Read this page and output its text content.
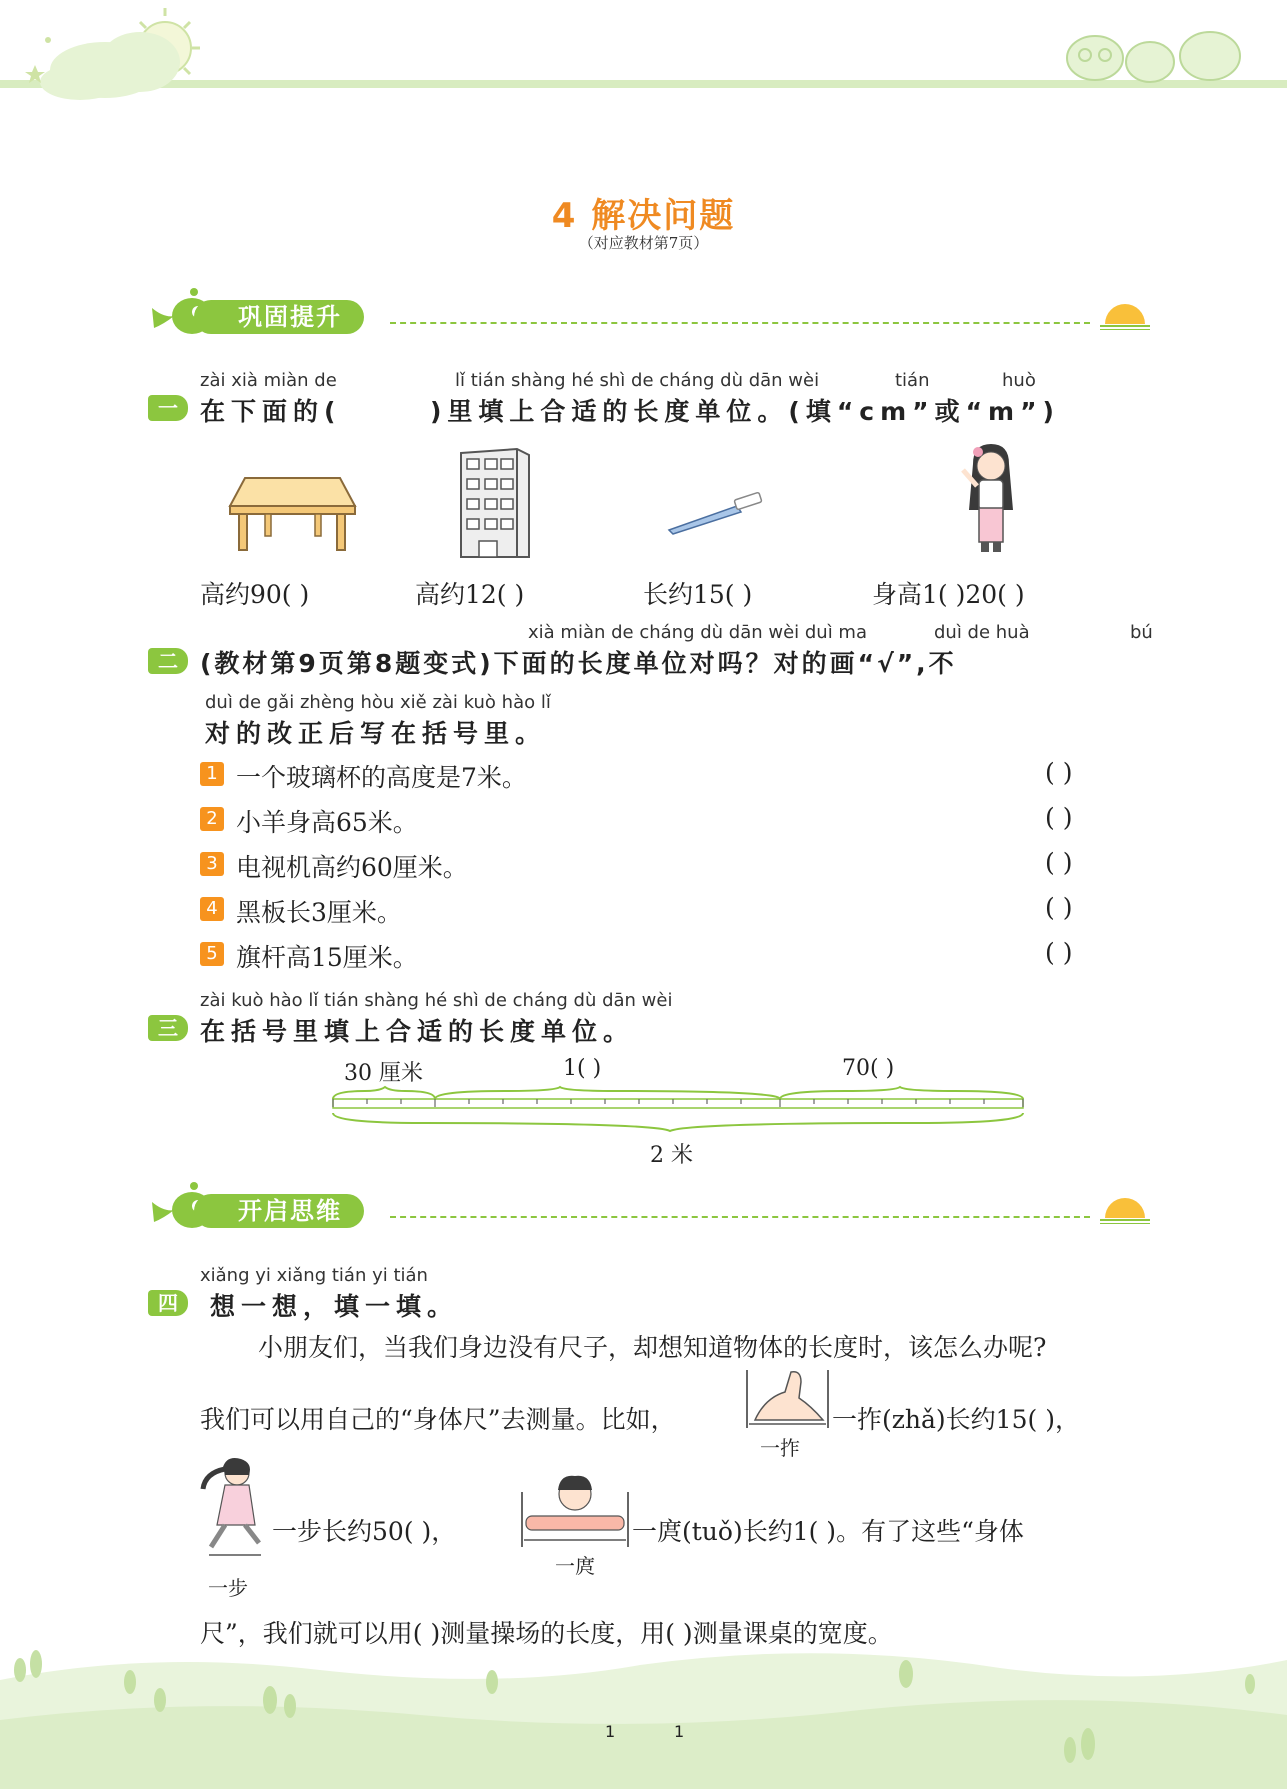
4 解决问题
（对应教材第7页）
巩固提升
zài xià miàn de	lǐ tián shàng hé shì de cháng dù dān wèi	tián	huò
一 在下面的(	)里填上合适的长度单位。(填“cm”或“m”)
高约90( )	高约12( )	长约15( )	身高1( )20( )
xià miàn de cháng dù dān wèi duì ma	duì de huà	bú
二 (教材第9页第8题变式)下面的长度单位对吗？对的画“√”,不
duì de gǎi zhèng hòu xiě zài kuò hào lǐ
对的改正后写在括号里。
1 一个玻璃杯的高度是7米。	( )
2 小羊身高65米。	( )
3 电视机高约60厘米。	( )
4 黑板长3厘米。	( )
5 旗杆高15厘米。	( )
zài kuò hào lǐ tián shàng hé shì de cháng dù dān wèi
三 在括号里填上合适的长度单位。
30 厘米	1( )	70( )
2 米
开启思维
xiǎng yi xiǎng tián yi tián
四	想一想，填一填。
小朋友们，当我们身边没有尺子，却想知道物体的长度时，该怎么办呢?
我们可以用自己的“身体尺”去测量。比如，
一拃
一拃(zhǎ)长约15( )，
一步
一步长约50( )，
一庹
一庹(tuǒ)长约1( )。有了这些“身体
尺”，我们就可以用( )测量操场的长度，用( )测量课桌的宽度。
1	1
